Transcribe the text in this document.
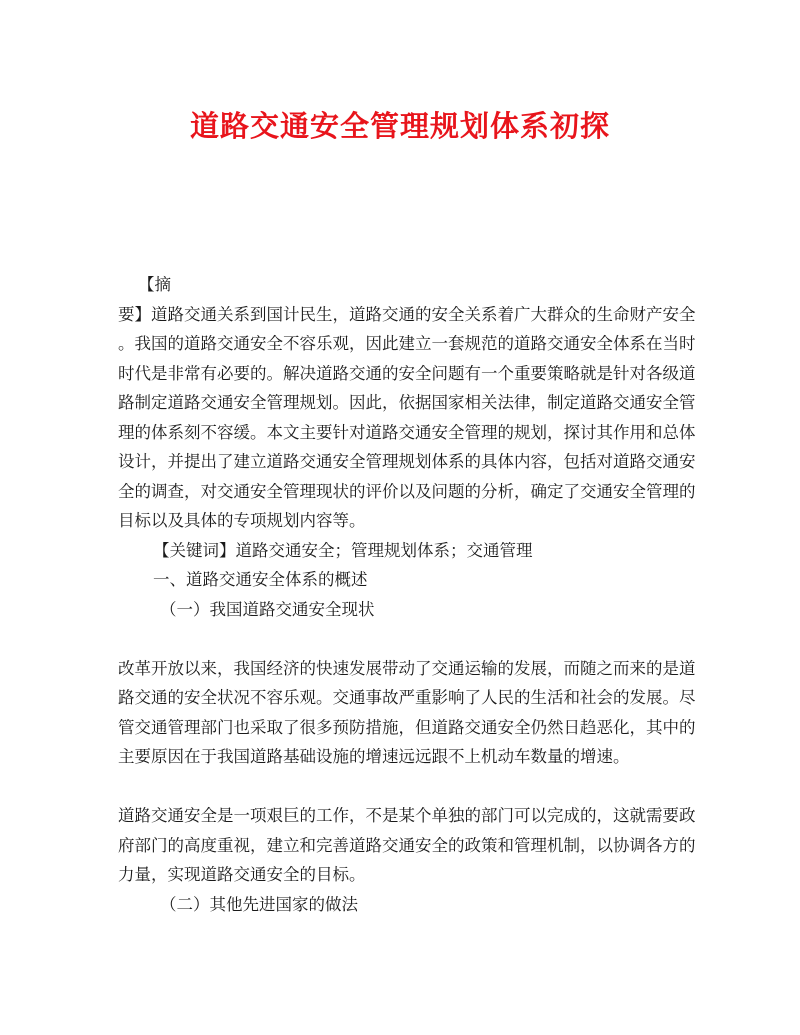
道路交通安全管理规划体系初探
【摘
要】道路交通关系到国计民生，道路交通的安全关系着广大群众的生命财产安全
。我国的道路交通安全不容乐观，因此建立一套规范的道路交通安全体系在当时
时代是非常有必要的。解决道路交通的安全问题有一个重要策略就是针对各级道
路制定道路交通安全管理规划。因此，依据国家相关法律，制定道路交通安全管
理的体系刻不容缓。本文主要针对道路交通安全管理的规划，探讨其作用和总体
设计，并提出了建立道路交通安全管理规划体系的具体内容，包括对道路交通安
全的调查，对交通安全管理现状的评价以及问题的分析，确定了交通安全管理的
目标以及具体的专项规划内容等。
【关键词】道路交通安全；管理规划体系；交通管理
一、道路交通安全体系的概述
（一）我国道路交通安全现状
改革开放以来，我国经济的快速发展带动了交通运输的发展，而随之而来的是道
路交通的安全状况不容乐观。交通事故严重影响了人民的生活和社会的发展。尽
管交通管理部门也采取了很多预防措施，但道路交通安全仍然日趋恶化，其中的
主要原因在于我国道路基础设施的增速远远跟不上机动车数量的增速。
道路交通安全是一项艰巨的工作，不是某个单独的部门可以完成的，这就需要政
府部门的高度重视，建立和完善道路交通安全的政策和管理机制，以协调各方的
力量，实现道路交通安全的目标。
（二）其他先进国家的做法
